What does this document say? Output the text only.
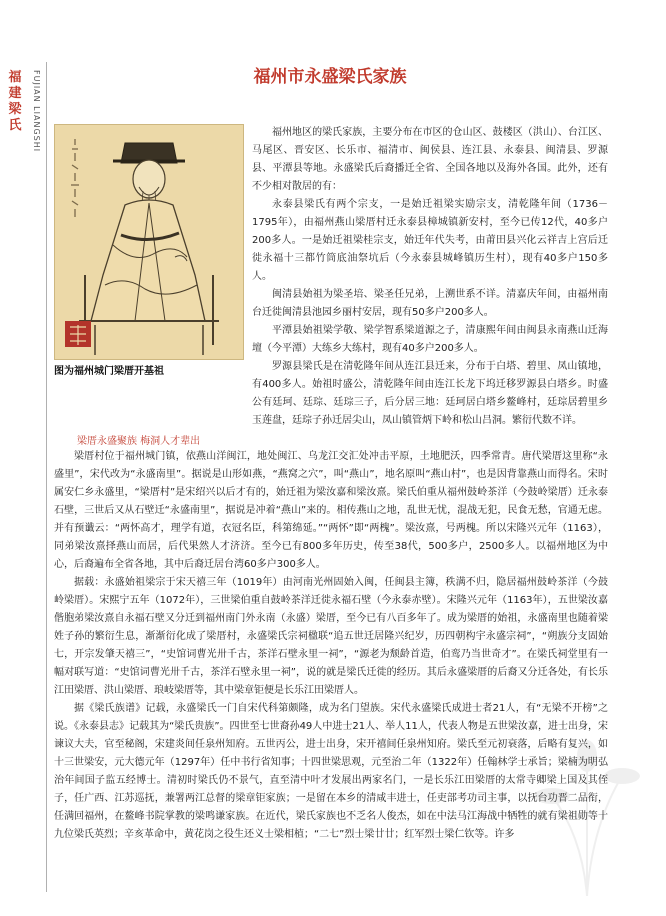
福建梁氏 FUJIAN LIANGSHI	福州市永盛梁氏家族
图为福州城门梁厝开基祖

福州地区的梁氏家族，主要分布在市区的仓山区、鼓楼区（洪山）、台江区、马尾区、晋安区、长乐市、福清市、闽侯县、连江县、永泰县、闽清县、罗源县、平潭县等地。永盛梁氏后裔播迁全省、全国各地以及海外各国。此外，还有不少相对散居的有：

永泰县梁氏有两个宗支，一是始迁祖梁实励宗支，清乾隆年间（1736－1795年），由福州燕山梁厝村迁永泰县樟城镇新安村，至今已传12代，40多户200多人。一是始迁祖梁桂宗支，始迁年代失考，由莆田县兴化云祥吉上宫后迁徙永福十三都竹筒底油祭坑后（今永泰县城峰镇历生村），现有40多户150多人。

闽清县始祖为梁圣培、梁圣任兄弟，上溯世系不详。清嘉庆年间，由福州南台迁徙闽清县池园乡丽村安居，现有50多户200多人。

平潭县始祖梁学敬、梁学智系梁道源之子，清康熙年间由闽县永南燕山迁海壇（今平潭）大练乡大练村，现有40多户200多人。

罗源县梁氏是在清乾隆年间从连江县迁来，分布于白塔、碧里、凤山镇地，有400多人。始祖时盛公，清乾隆年间由连江长龙下坞迁移罗源县白塔乡。时盛公有廷珂、廷琮、廷琮三子，后分居三地：廷珂居白塔乡鳌峰村，廷琮居碧里乡玉莲盘，廷琮子孙迁居尖山，凤山镇管炳下岭和松山吕洞。繁衍代数不详。

梁厝永盛聚族 梅洞人才辈出

梁厝村位于福州城门镇，依燕山洋闽江，地处闽江、乌龙江交汇处冲击平原，土地肥沃，四季常青。唐代梁厝这里称“永盛里”，宋代改为“永盛南里”。据说是山形如燕，“燕窝之穴”，叫“燕山”，地名原叫“燕山村”，也是因背靠燕山而得名。宋时属安仁乡永盛里，“梁厝村”是宋绍兴以后才有的，始迁祖为梁汝嘉和梁汝熹。梁氏伯重从福州鼓岭茶洋（今鼓岭梁厝）迁永泰石壁，三世后又从石壁迁“永盛南里”，据说是冲着“燕山”来的。相传燕山之地，乱世无忧，混战无犯，民食无愁，官通无虑。并有预谶云：“两怀高才，理学有道，衣冠名臣，科第绵延。”“两怀”即“两槐”。梁汝熹，号两槐。所以宋隆兴元年（1163），同弟梁汝熹择燕山而居，后代果然人才济济。至今已有800多年历史，传至38代，500多户，2500多人。以福州地区为中心，后裔遍布全省各地，其中后裔迁居台湾60多户300多人。

据载：永盛始祖梁宗于宋天禧三年（1019年）由河南光州固始入闽，任闽县主簿，秩满不归，隐居福州鼓岭茶洋（今鼓岭梁厝）。宋熙宁五年（1072年），三世梁伯重自鼓岭茶洋迁徙永福石壁（今永泰赤壁）。宋隆兴元年（1163年），五世梁汝嘉偕胞弟梁汝熹自永福石壁又分迁到福州南门外永南（永盛）梁厝，至今已有八百多年了。成为梁厝的始祖，永盛南里也随着梁姓子孙的繁衍生息，渐渐衍化成了梁厝村，永盛梁氏宗祠楹联“追五世迁居隆兴纪岁，历四朝构宇永盛宗祠”，“朔族分支固始七，开宗发肇天禧三”，“史馆词曹光卅千古，茶洋石壁永里一祠”，“源老为颓龄首造，伯鸾乃当世奇才”。在梁氏祠堂里有一幅对联写道：“史馆词曹光卅千古，茶洋石壁永里一祠”，说的就是梁氏迁徙的经历。其后永盛梁厝的后裔又分迁各处，有长乐江田梁厝、洪山梁厝、琅岐梁厝等，其中梁章钜便是长乐江田梁厝人。

据《梁氏族谱》记载，永盛梁氏一门自宋代科第颇隆，成为名门望族。宋代永盛梁氏成进士者21人，有“无梁不开榜”之说。《永泰县志》记载其为“梁氏贵族”。四世至七世裔孙49人中进士21人、举人11人，代表人物是五世梁汝嘉，进士出身，宋谏议大夫，官至秘阁，宋建炎间任泉州知府。五世丙公，进士出身，宋开禧间任泉州知府。梁氏至元初衰落，后略有复兴，如十三世梁安，元大德元年（1297年）任中书行省知事；十四世梁思观，元至治二年（1322年）任翰林学士承旨；梁楠为明弘治年间国子监五经博士。清初时梁氏仍不景气，直至清中叶才发展出两家名门，一是长乐江田梁厝的太常寺卿梁上国及其侄子，任广西、江苏巡抚，兼署两江总督的梁章钜家族；一是留在本乡的清咸丰进士，任吏部考功司主事，以抚台功晋二品衔，任满回福州，在鳌峰书院掌教的梁鸣谦家族。在近代，梁氏家族也不乏名人俊杰，如在中法马江海战中牺牲的就有梁祖勋等十九位梁氏英烈；辛亥革命中，黄花岗之役生还义士梁相植；“二七”烈士梁廿廿；红军烈士梁仁钦等。许多
